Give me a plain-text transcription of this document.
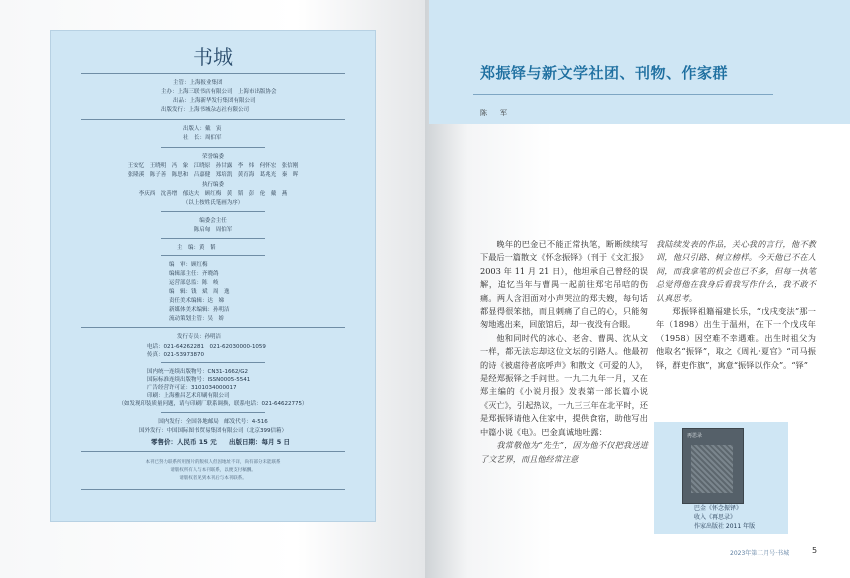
书城
主管：上海报业集团
主办：上海三联书店有限公司　上海市出版协会
出品：上海新华发行集团有限公司
出版发行：上海书城杂志社有限公司
出版人：戴　寅
社　长：周伯军
荣誉编委
王安忆　王晓明　冯　象　江晓原　孙甘露　李　炜　何怀宏　张信刚
张隆溪　陈子善　陈思和　吕嘉健　郑培凯　黄育海　葛兆光　秦　晖
执行编委
李庆西　沈善增　郁达夫　顾红梅　黄　韬　彭　伦　戴　燕
（以上按姓氏笔画为序）
编委会主任
陈启甸　周伯军
主　编：黄　韬
编　审：顾红梅
编辑部主任：齐晓鸽
运营部总监：陈　岐
编　辑：钱　斌　周　逸
责任美术编辑：达　娣
新媒体美术编辑：孙明洁
流动策划主管：吴　娇
发行专员：孙明洁
电话：021-64262281　021-62030000-1059
传真：021-53973870
国内统一连续出版物号：CN31-1662/G2
国际标准连续出版物号：ISSN0005-5541
广告经营许可证：3101034000017
印刷：上海雅昌艺术印刷有限公司
（如发现印装质量问题，请与印刷厂联系调换，联系电话：021-64622775）
国内发行：全国各地邮局　邮发代号：4-516
国外发行：中国国际图书贸易集团有限公司（北京399信箱）
零售价：人民币 15 元 出版日期：每月 5 日
本刊已努力联系所用图片的版权人但因地址不详，尚有部分未能联系
请版权所有人与本刊联系，以便支付稿酬。
请版权者见到本刊后与本刊联系。
郑振铎与新文学社团、刊物、作家群
陈　军

晚年的巴金已不能正常执笔，断断续续写下最后一篇散文《怀念振铎》（刊于《文汇报》2003 年 11 月 21 日），他坦承自己曾经的误解，追忆当年与曹禺一起前往郑宅吊唁的伤痛。两人含泪面对小声哭泣的郑夫嫂，每句话都显得很笨拙，而且刺痛了自己的心，只能匆匆地逃出来，回旅馆后，却一夜没有合眼。

他和同时代的冰心、老舍、曹禺、沈从文一样，都无法忘却这位文坛的引路人。他最初的诗《被虐待者底呼声》和散文《可爱的人》，是经郑振铎之手问世。一九二九年一月，又在郑主编的《小说月报》发表第一部长篇小说《灭亡》，引起热议，一九三三年在北平时，还是郑振铎请他入住家中，提供食宿，助他写出中篇小说《电》。巴金真诚地吐露：

我常敬他为“先生”，因为他不仅把我送进了文艺界，而且他经常注意

我陆续发表的作品，关心我的言行，他不教训，他只引路、树立榜样。今天他已不在人间，而我拿笔的机会也已不多，但每一执笔总觉得他在我身后看我写作什么，我不敢不认真思考。

郑振铎祖籍福建长乐，“戊戌变法”那一年（1898）出生于温州，在下一个戊戌年（1958）因空难不幸遇难。出生时祖父为他取名“振铎”，取之《周礼·夏官》“司马振铎，群吏作旗”，寓意“振铎以作众”。“铎”

再思录
巴金《怀念振铎》
收入《再思录》
作家出版社 2011 年版
2023年第二月号·书城	5
